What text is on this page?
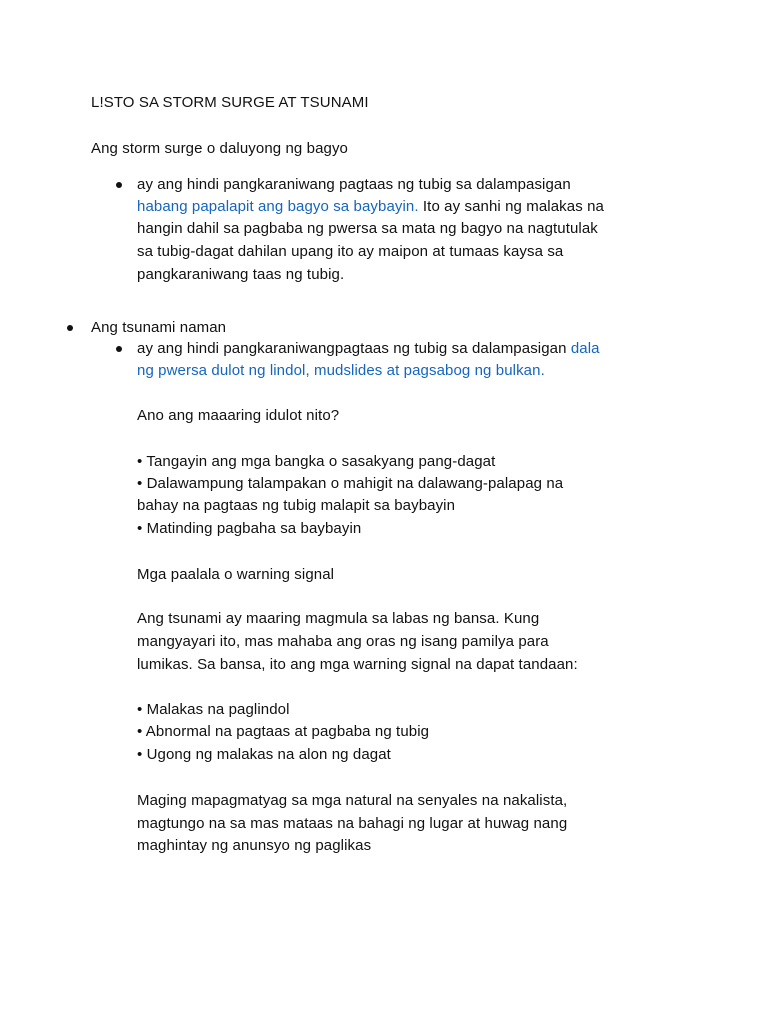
L!STO SA STORM SURGE AT TSUNAMI
Ang storm surge o daluyong ng bagyo
ay ang hindi pangkaraniwang pagtaas ng tubig sa dalampasigan
habang papalapit ang bagyo sa baybayin. Ito ay sanhi ng malakas na
hangin dahil sa pagbaba ng pwersa sa mata ng bagyo na nagtutulak
sa tubig-dagat dahilan upang ito ay maipon at tumaas kaysa sa
pangkaraniwang taas ng tubig.
Ang tsunami naman
ay ang hindi pangkaraniwangpagtaas ng tubig sa dalampasigan dala
ng pwersa dulot ng lindol, mudslides at pagsabog ng bulkan.
Ano ang maaaring idulot nito?
• Tangayin ang mga bangka o sasakyang pang-dagat
• Dalawampung talampakan o mahigit na dalawang-palapag na
bahay na pagtaas ng tubig malapit sa baybayin
• Matinding pagbaha sa baybayin
Mga paalala o warning signal
Ang tsunami ay maaring magmula sa labas ng bansa. Kung
mangyayari ito, mas mahaba ang oras ng isang pamilya para
lumikas. Sa bansa, ito ang mga warning signal na dapat tandaan:
• Malakas na paglindol
• Abnormal na pagtaas at pagbaba ng tubig
• Ugong ng malakas na alon ng dagat
Maging mapagmatyag sa mga natural na senyales na nakalista,
magtungo na sa mas mataas na bahagi ng lugar at huwag nang
maghintay ng anunsyo ng paglikas
